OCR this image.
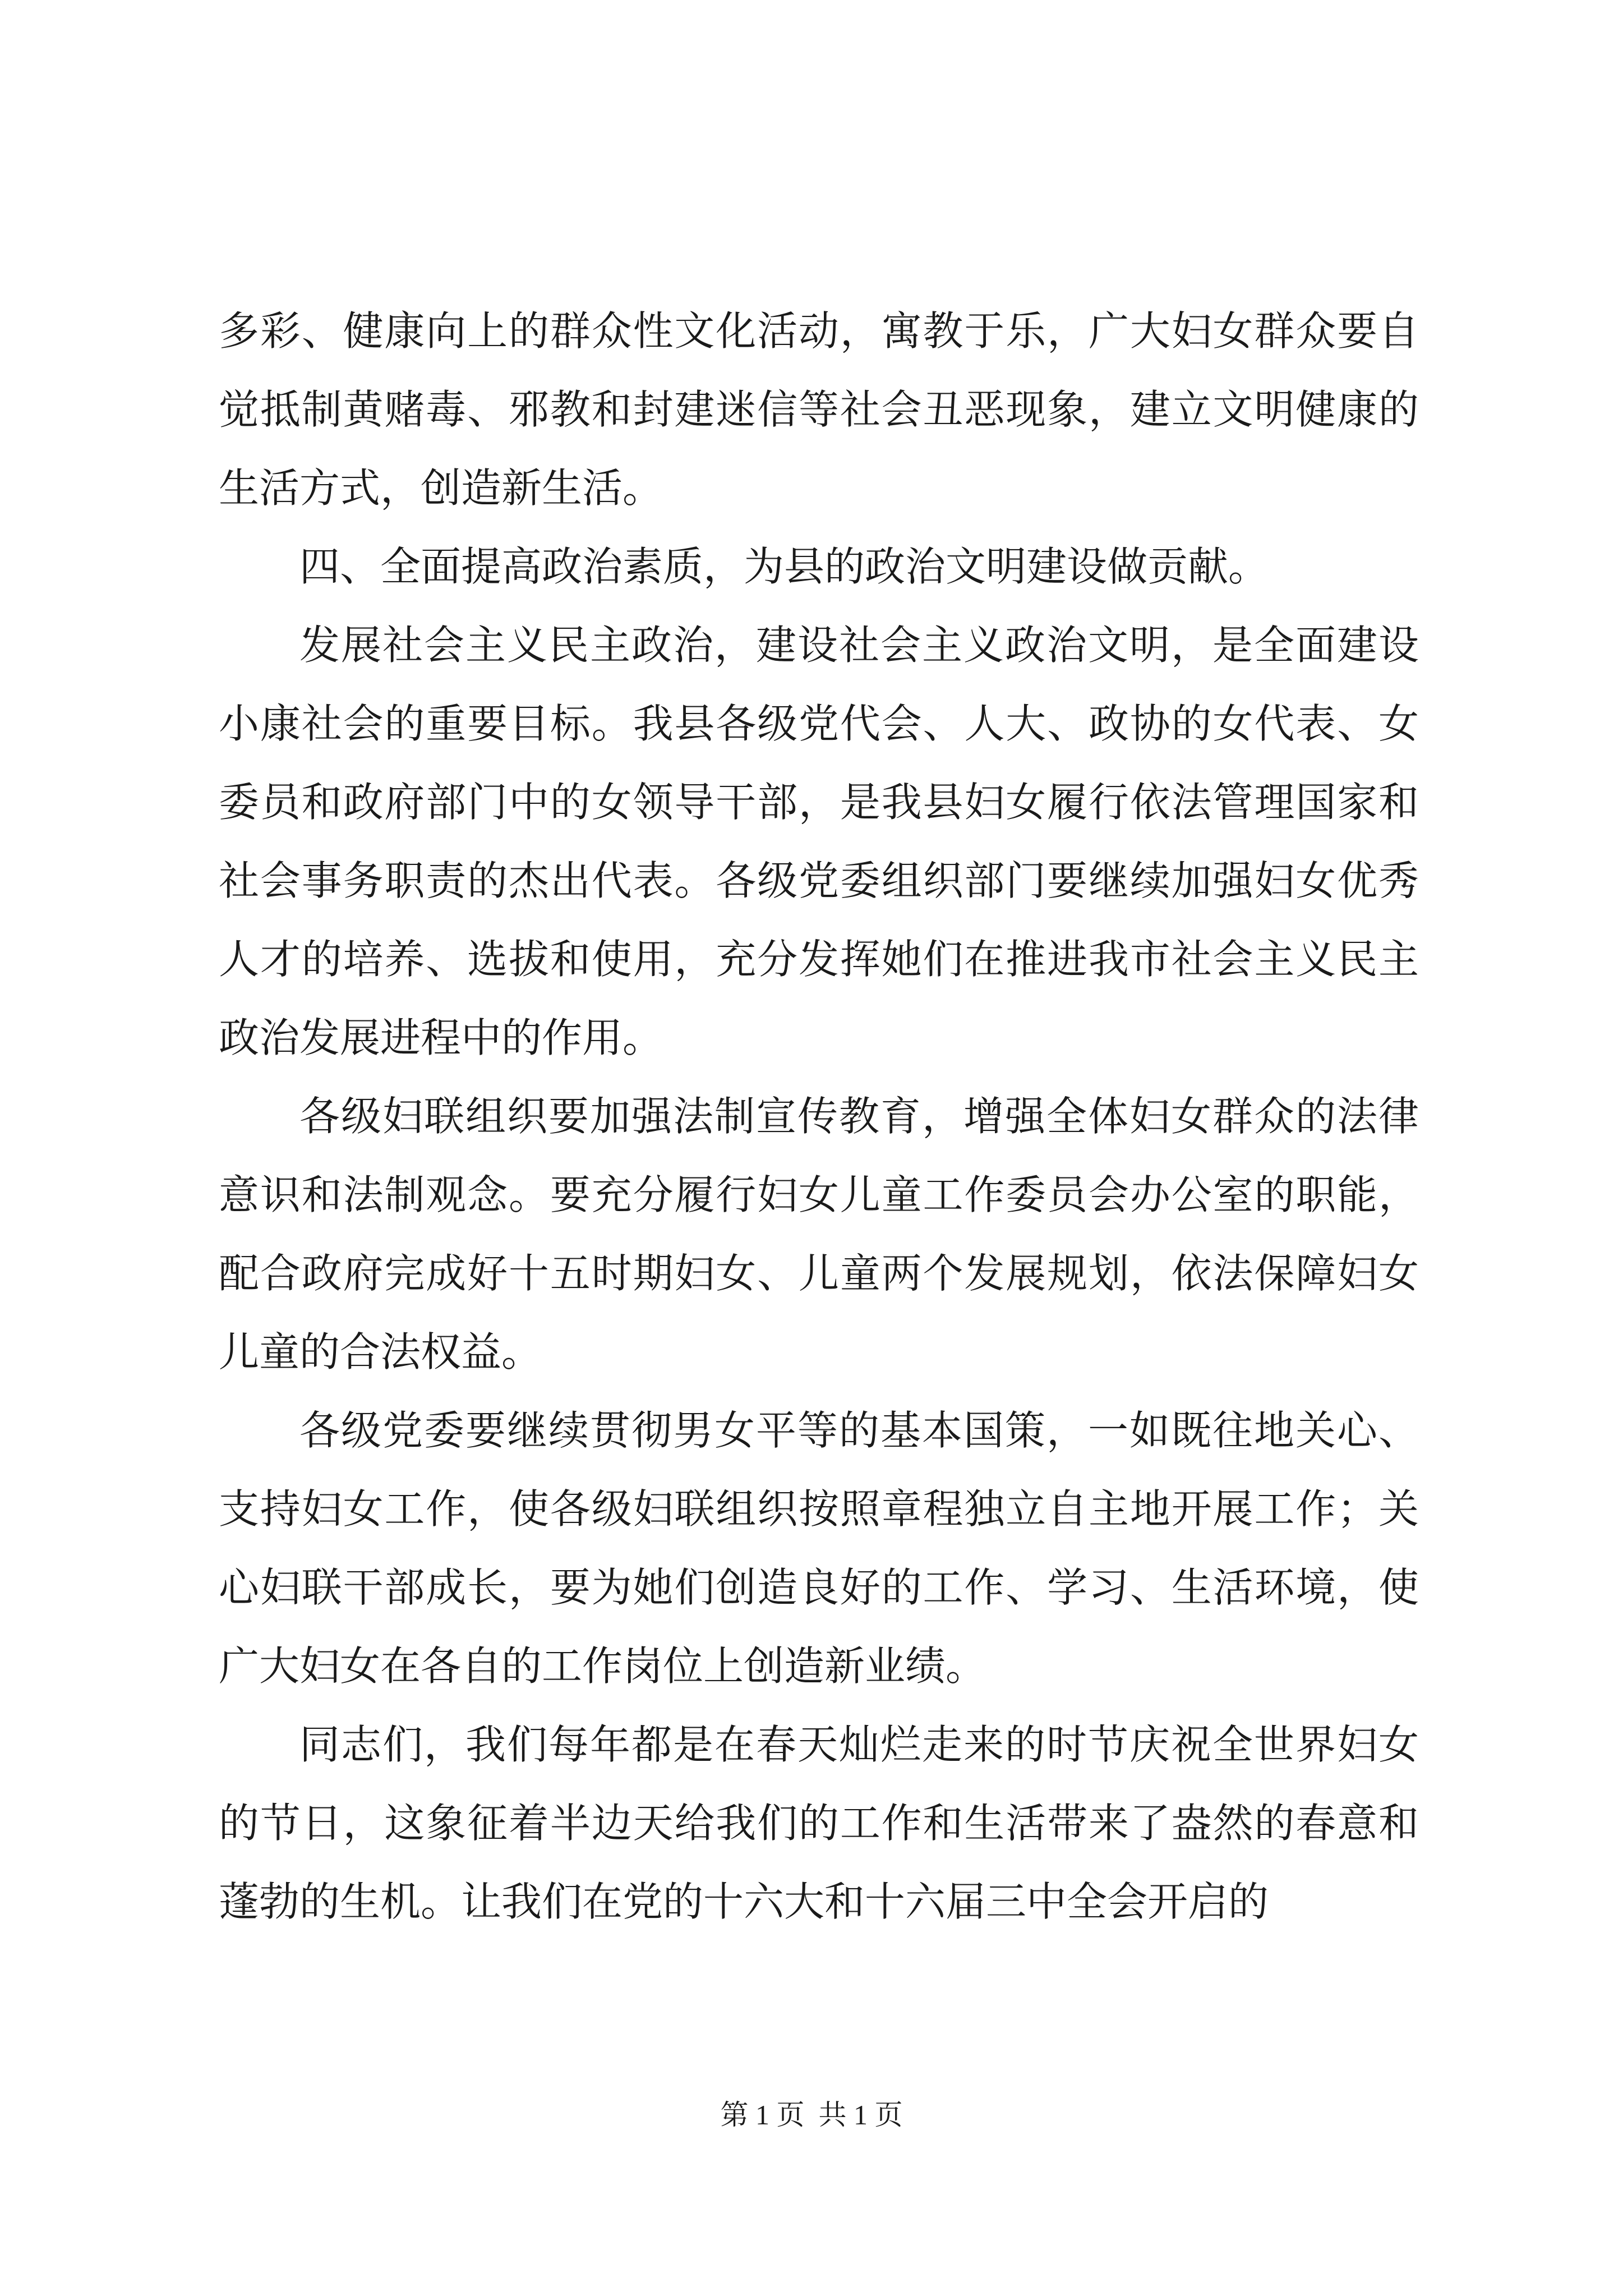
多彩、健康向上的群众性文化活动，寓教于乐，广大妇女群众要自觉抵制黄赌毒、邪教和封建迷信等社会丑恶现象，建立文明健康的生活方式，创造新生活。

四、全面提高政治素质，为县的政治文明建设做贡献。

发展社会主义民主政治，建设社会主义政治文明，是全面建设小康社会的重要目标。我县各级党代会、人大、政协的女代表、女委员和政府部门中的女领导干部，是我县妇女履行依法管理国家和社会事务职责的杰出代表。各级党委组织部门要继续加强妇女优秀人才的培养、选拔和使用，充分发挥她们在推进我市社会主义民主政治发展进程中的作用。

各级妇联组织要加强法制宣传教育，增强全体妇女群众的法律意识和法制观念。要充分履行妇女儿童工作委员会办公室的职能，配合政府完成好十五时期妇女、儿童两个发展规划，依法保障妇女儿童的合法权益。

各级党委要继续贯彻男女平等的基本国策，一如既往地关心、支持妇女工作，使各级妇联组织按照章程独立自主地开展工作；关心妇联干部成长，要为她们创造良好的工作、学习、生活环境，使广大妇女在各自的工作岗位上创造新业绩。

同志们，我们每年都是在春天灿烂走来的时节庆祝全世界妇女的节日，这象征着半边天给我们的工作和生活带来了盎然的春意和蓬勃的生机。让我们在党的十六大和十六届三中全会开启的

第 1 页  共 1 页
